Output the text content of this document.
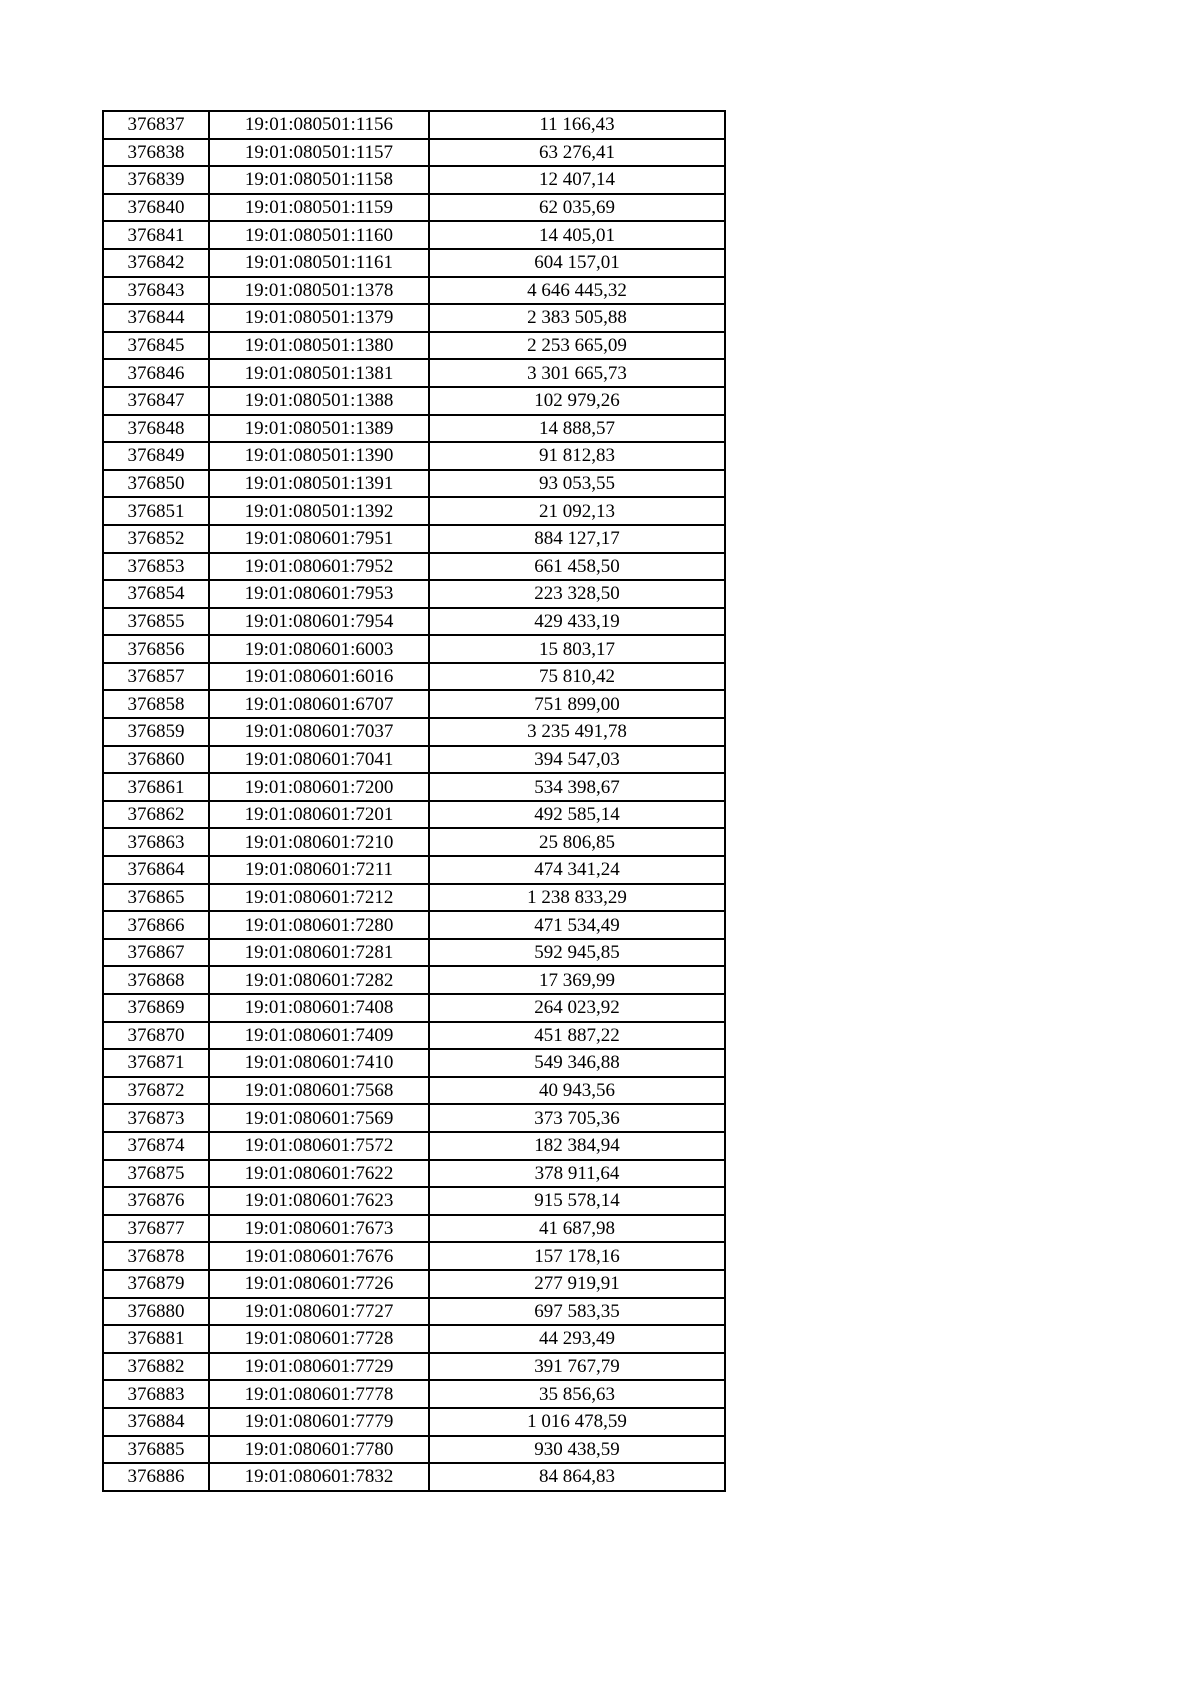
376837	19:01:080501:1156	11 166,43
376838	19:01:080501:1157	63 276,41
376839	19:01:080501:1158	12 407,14
376840	19:01:080501:1159	62 035,69
376841	19:01:080501:1160	14 405,01
376842	19:01:080501:1161	604 157,01
376843	19:01:080501:1378	4 646 445,32
376844	19:01:080501:1379	2 383 505,88
376845	19:01:080501:1380	2 253 665,09
376846	19:01:080501:1381	3 301 665,73
376847	19:01:080501:1388	102 979,26
376848	19:01:080501:1389	14 888,57
376849	19:01:080501:1390	91 812,83
376850	19:01:080501:1391	93 053,55
376851	19:01:080501:1392	21 092,13
376852	19:01:080601:7951	884 127,17
376853	19:01:080601:7952	661 458,50
376854	19:01:080601:7953	223 328,50
376855	19:01:080601:7954	429 433,19
376856	19:01:080601:6003	15 803,17
376857	19:01:080601:6016	75 810,42
376858	19:01:080601:6707	751 899,00
376859	19:01:080601:7037	3 235 491,78
376860	19:01:080601:7041	394 547,03
376861	19:01:080601:7200	534 398,67
376862	19:01:080601:7201	492 585,14
376863	19:01:080601:7210	25 806,85
376864	19:01:080601:7211	474 341,24
376865	19:01:080601:7212	1 238 833,29
376866	19:01:080601:7280	471 534,49
376867	19:01:080601:7281	592 945,85
376868	19:01:080601:7282	17 369,99
376869	19:01:080601:7408	264 023,92
376870	19:01:080601:7409	451 887,22
376871	19:01:080601:7410	549 346,88
376872	19:01:080601:7568	40 943,56
376873	19:01:080601:7569	373 705,36
376874	19:01:080601:7572	182 384,94
376875	19:01:080601:7622	378 911,64
376876	19:01:080601:7623	915 578,14
376877	19:01:080601:7673	41 687,98
376878	19:01:080601:7676	157 178,16
376879	19:01:080601:7726	277 919,91
376880	19:01:080601:7727	697 583,35
376881	19:01:080601:7728	44 293,49
376882	19:01:080601:7729	391 767,79
376883	19:01:080601:7778	35 856,63
376884	19:01:080601:7779	1 016 478,59
376885	19:01:080601:7780	930 438,59
376886	19:01:080601:7832	84 864,83
